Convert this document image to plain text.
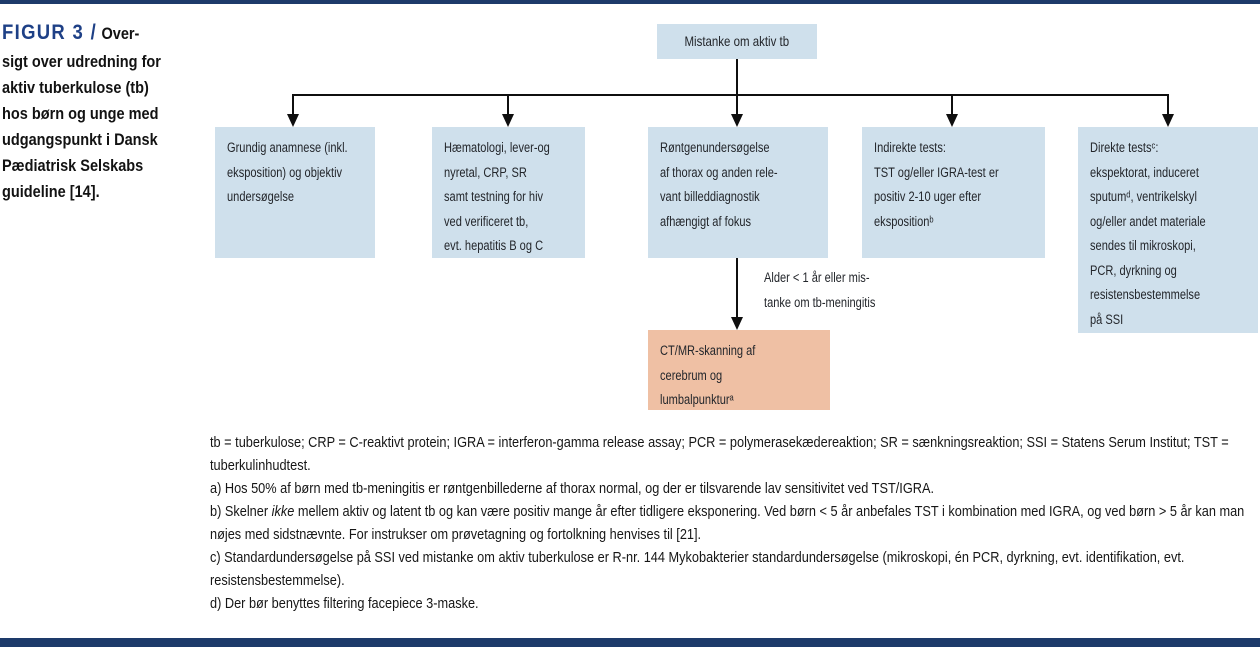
FIGUR 3 / Over-
sigt over udredning for
aktiv tuberkulose (tb)
hos børn og unge med
udgangspunkt i Dansk
Pædiatrisk Selskabs
guideline [14].
Mistanke om aktiv tb
Grundig anamnese (inkl.
eksposition) og objektiv
undersøgelse
Hæmatologi, lever-og
nyretal, CRP, SR
samt testning for hiv
ved verificeret tb,
evt. hepatitis B og C
Røntgenundersøgelse
af thorax og anden rele-
vant billeddiagnostik
afhængigt af fokus
Indirekte tests:
TST og/eller IGRA-test er
positiv 2-10 uger efter
ekspositionᵇ
Direkte testsᶜ:
ekspektorat, induceret
sputumᵈ, ventrikelskyl
og/eller andet materiale
sendes til mikroskopi,
PCR, dyrkning og
resistensbestemmelse
på SSI
Alder < 1 år eller mis-
tanke om tb-meningitis
CT/MR-skanning af
cerebrum og
lumbalpunkturᵃ

tb = tuberkulose; CRP = C-reaktivt protein; IGRA = interferon-gamma release assay; PCR = polymerasekædereaktion; SR = sænkningsreaktion; SSI = Statens Serum Institut; TST = tuberkulinhudtest.

a) Hos 50% af børn med tb-meningitis er røntgenbillederne af thorax normal, og der er tilsvarende lav sensitivitet ved TST/IGRA.

b) Skelner ikke mellem aktiv og latent tb og kan være positiv mange år efter tidligere eksponering. Ved børn < 5 år anbefales TST i kombination med IGRA, og ved børn > 5 år kan man nøjes med sidstnævnte. For instrukser om prøvetagning og fortolkning henvises til [21].

c) Standardundersøgelse på SSI ved mistanke om aktiv tuberkulose er R-nr. 144 Mykobakterier standardundersøgelse (mikroskopi, én PCR, dyrkning, evt. identifikation, evt. resistensbestemmelse).

d) Der bør benyttes filtering facepiece 3-maske.
